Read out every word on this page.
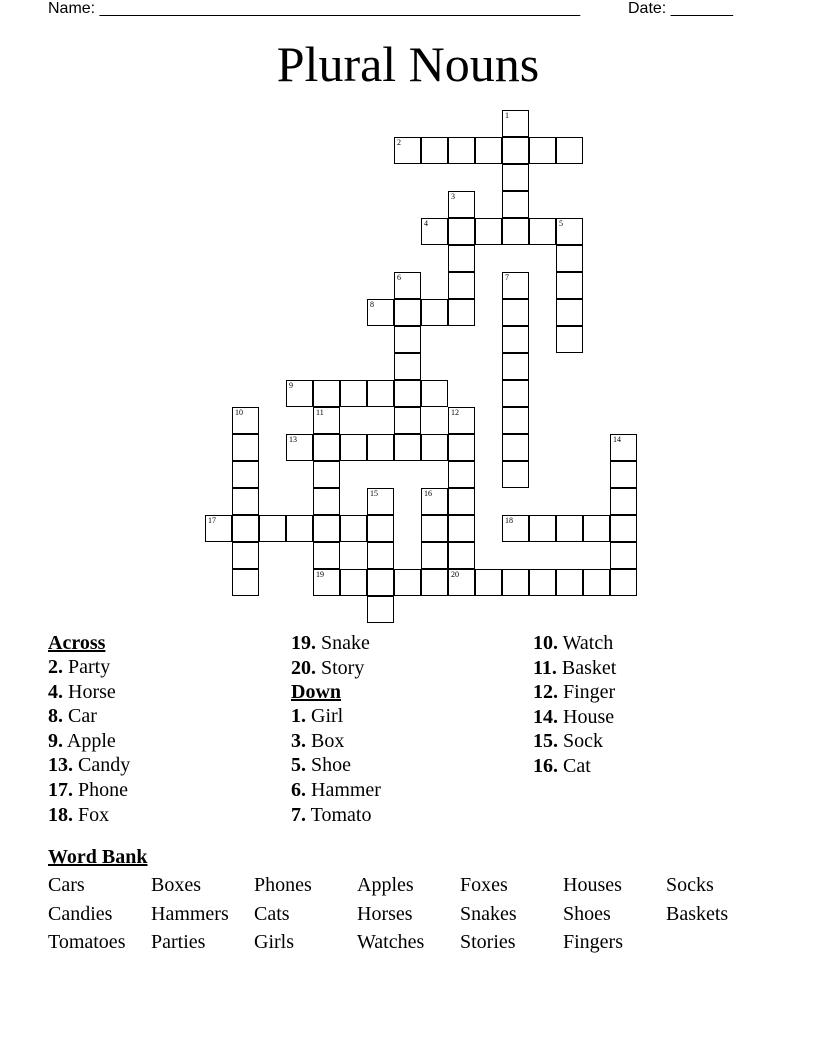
Name: ______________________________________________________	Date: _______
Plural Nouns
1
2
3
4	5
6	7
8
9
10	11
19
12
20
13	14
15	16
17	18
Across
2. Party
4. Horse
8. Car
9. Apple
13. Candy
17. Phone
18. Fox
19. Snake
20. Story
Down
1. Girl
3. Box
5. Shoe
6. Hammer
7. Tomato
10. Watch
11. Basket
12. Finger
14. House
15. Sock
16. Cat
Word Bank
Cars	Boxes	Phones Apples Foxes	Houses Socks
Candies Hammers Cats	Horses Snakes Shoes	Baskets
Tomatoes Parties Girls	Watches Stories Fingers
